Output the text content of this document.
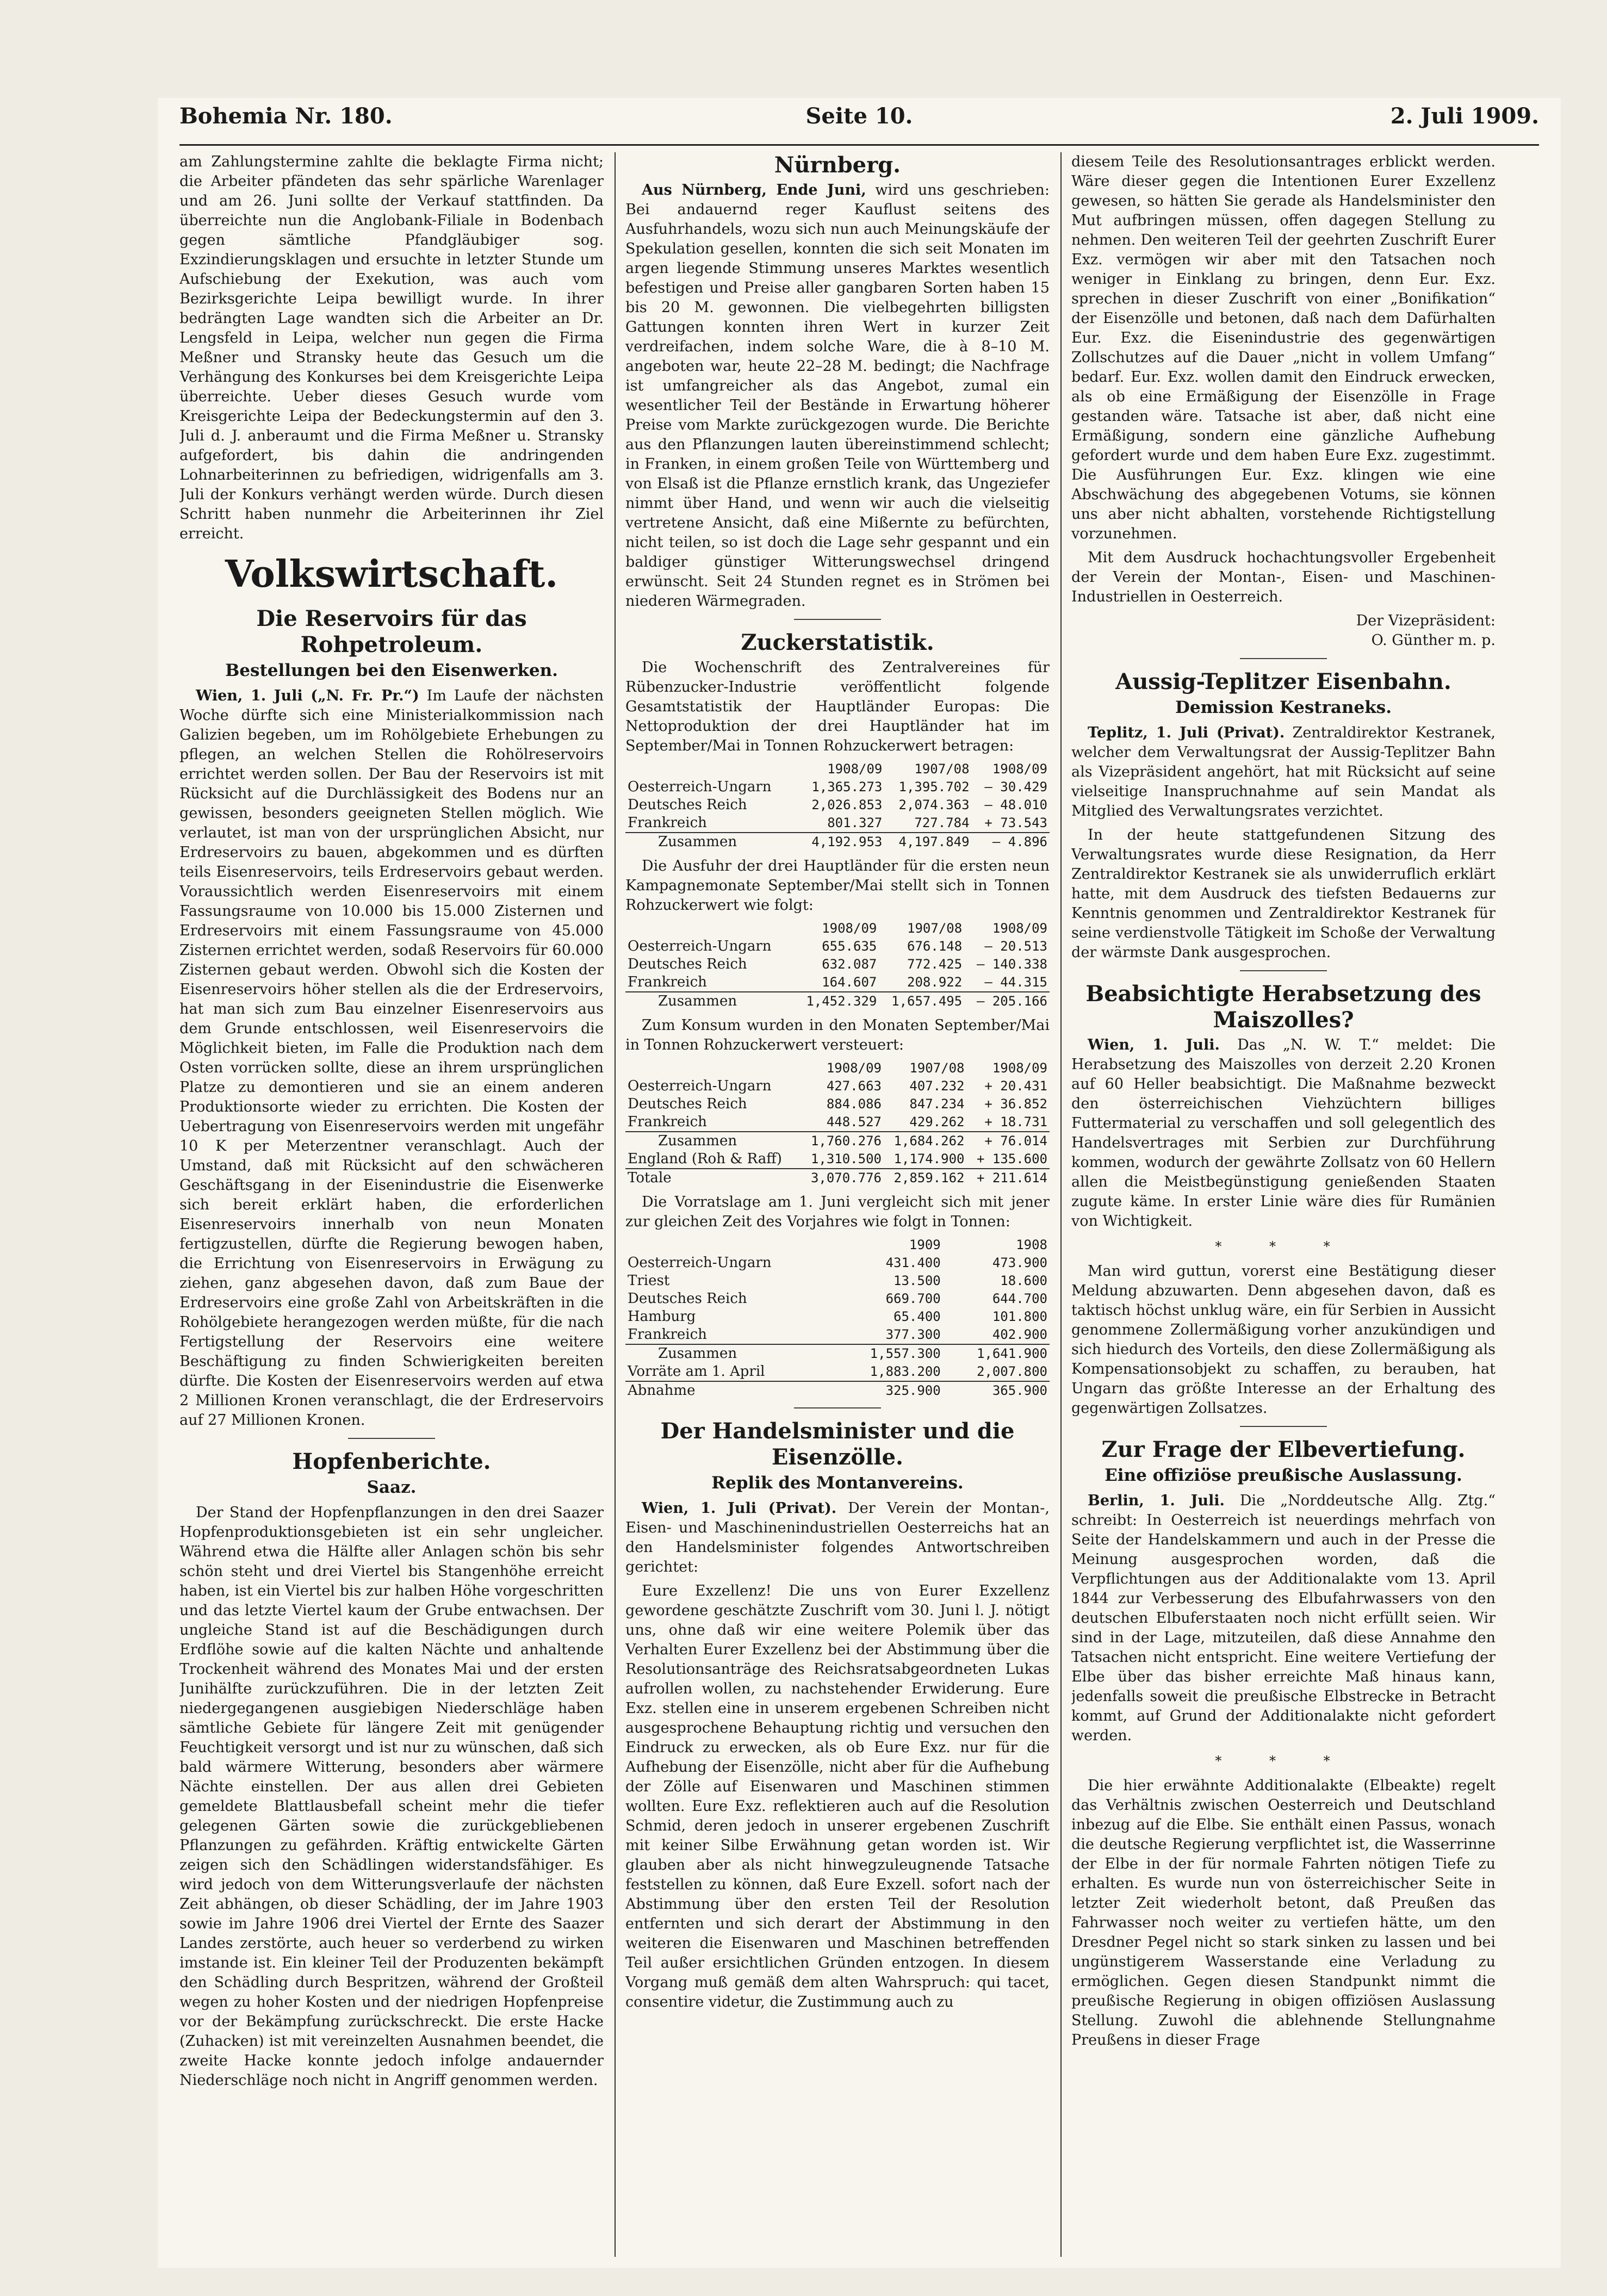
Bohemia Nr. 180.	Seite 10.	2. Juli 1909.

am Zahlungstermine zahlte die beklagte Firma nicht; die Arbeiter pfändeten das sehr spärliche Warenlager und am 26. Juni sollte der Verkauf stattfinden. Da überreichte nun die Anglobank-Filiale in Bodenbach gegen sämtliche Pfandgläubiger sog. Exzindierungsklagen und ersuchte in letzter Stunde um Aufschiebung der Exekution, was auch vom Bezirksgerichte Leipa bewilligt wurde. In ihrer bedrängten Lage wandten sich die Arbeiter an Dr. Lengsfeld in Leipa, welcher nun gegen die Firma Meßner und Stransky heute das Gesuch um die Verhängung des Konkurses bei dem Kreisgerichte Leipa überreichte. Ueber dieses Gesuch wurde vom Kreisgerichte Leipa der Bedeckungstermin auf den 3. Juli d. J. anberaumt und die Firma Meßner u. Stransky aufgefordert, bis dahin die andringenden Lohnarbeiterinnen zu befriedigen, widrigenfalls am 3. Juli der Konkurs verhängt werden würde. Durch diesen Schritt haben nunmehr die Arbeiterinnen ihr Ziel erreicht.

Volkswirtschaft.
Die Reservoirs für das Rohpetroleum.
Bestellungen bei den Eisenwerken.

Wien, 1. Juli („N. Fr. Pr.“) Im Laufe der nächsten Woche dürfte sich eine Ministerialkommission nach Galizien begeben, um im Rohölgebiete Erhebungen zu pflegen, an welchen Stellen die Rohölreservoirs errichtet werden sollen. Der Bau der Reservoirs ist mit Rücksicht auf die Durchlässigkeit des Bodens nur an gewissen, besonders geeigneten Stellen möglich. Wie verlautet, ist man von der ursprünglichen Absicht, nur Erdreservoirs zu bauen, abgekommen und es dürften teils Eisenreservoirs, teils Erdreservoirs gebaut werden. Voraussichtlich werden Eisenreservoirs mit einem Fassungsraume von 10.000 bis 15.000 Zisternen und Erdreservoirs mit einem Fassungsraume von 45.000 Zisternen errichtet werden, sodaß Reservoirs für 60.000 Zisternen gebaut werden. Obwohl sich die Kosten der Eisenreservoirs höher stellen als die der Erdreservoirs, hat man sich zum Bau einzelner Eisenreservoirs aus dem Grunde entschlossen, weil Eisenreservoirs die Möglichkeit bieten, im Falle die Produktion nach dem Osten vorrücken sollte, diese an ihrem ursprünglichen Platze zu demontieren und sie an einem anderen Produktionsorte wieder zu errichten. Die Kosten der Uebertragung von Eisenreservoirs werden mit ungefähr 10 K per Meterzentner veranschlagt. Auch der Umstand, daß mit Rücksicht auf den schwächeren Geschäftsgang in der Eisenindustrie die Eisenwerke sich bereit erklärt haben, die erforderlichen Eisenreservoirs innerhalb von neun Monaten fertigzustellen, dürfte die Regierung bewogen haben, die Errichtung von Eisenreservoirs in Erwägung zu ziehen, ganz abgesehen davon, daß zum Baue der Erdreservoirs eine große Zahl von Arbeitskräften in die Rohölgebiete herangezogen werden müßte, für die nach Fertigstellung der Reservoirs eine weitere Beschäftigung zu finden Schwierigkeiten bereiten dürfte. Die Kosten der Eisenreservoirs werden auf etwa 2 Millionen Kronen veranschlagt, die der Erdreservoirs auf 27 Millionen Kronen.

Hopfenberichte.
Saaz.

Der Stand der Hopfenpflanzungen in den drei Saazer Hopfenproduktionsgebieten ist ein sehr ungleicher. Während etwa die Hälfte aller Anlagen schön bis sehr schön steht und drei Viertel bis Stangenhöhe erreicht haben, ist ein Viertel bis zur halben Höhe vorgeschritten und das letzte Viertel kaum der Grube entwachsen. Der ungleiche Stand ist auf die Beschädigungen durch Erdflöhe sowie auf die kalten Nächte und anhaltende Trockenheit während des Monates Mai und der ersten Junihälfte zurückzuführen. Die in der letzten Zeit niedergegangenen ausgiebigen Niederschläge haben sämtliche Gebiete für längere Zeit mit genügender Feuchtigkeit versorgt und ist nur zu wünschen, daß sich bald wärmere Witterung, besonders aber wärmere Nächte einstellen. Der aus allen drei Gebieten gemeldete Blattlausbefall scheint mehr die tiefer gelegenen Gärten sowie die zurückgebliebenen Pflanzungen zu gefährden. Kräftig entwickelte Gärten zeigen sich den Schädlingen widerstandsfähiger. Es wird jedoch von dem Witterungsverlaufe der nächsten Zeit abhängen, ob dieser Schädling, der im Jahre 1903 sowie im Jahre 1906 drei Viertel der Ernte des Saazer Landes zerstörte, auch heuer so verderbend zu wirken imstande ist. Ein kleiner Teil der Produzenten bekämpft den Schädling durch Bespritzen, während der Großteil wegen zu hoher Kosten und der niedrigen Hopfenpreise vor der Bekämpfung zurückschreckt. Die erste Hacke (Zuhacken) ist mit vereinzelten Ausnahmen beendet, die zweite Hacke konnte jedoch infolge andauernder Niederschläge noch nicht in Angriff genommen werden.

Nürnberg.

Aus Nürnberg, Ende Juni, wird uns geschrieben: Bei andauernd reger Kauflust seitens des Ausfuhrhandels, wozu sich nun auch Meinungskäufe der Spekulation gesellen, konnten die sich seit Monaten im argen liegende Stimmung unseres Marktes wesentlich befestigen und Preise aller gangbaren Sorten haben 15 bis 20 M. gewonnen. Die vielbegehrten billigsten Gattungen konnten ihren Wert in kurzer Zeit verdreifachen, indem solche Ware, die à 8–10 M. angeboten war, heute 22–28 M. bedingt; die Nachfrage ist umfangreicher als das Angebot, zumal ein wesentlicher Teil der Bestände in Erwartung höherer Preise vom Markte zurückgezogen wurde. Die Berichte aus den Pflanzungen lauten übereinstimmend schlecht; in Franken, in einem großen Teile von Württemberg und von Elsaß ist die Pflanze ernstlich krank, das Ungeziefer nimmt über Hand, und wenn wir auch die vielseitig vertretene Ansicht, daß eine Mißernte zu befürchten, nicht teilen, so ist doch die Lage sehr gespannt und ein baldiger günstiger Witterungswechsel dringend erwünscht. Seit 24 Stunden regnet es in Strömen bei niederen Wärmegraden.

Zuckerstatistik.

Die Wochenschrift des Zentralvereines für Rübenzucker-Industrie veröffentlicht folgende Gesamtstatistik der Hauptländer Europas: Die Nettoproduktion der drei Hauptländer hat im September/Mai in Tonnen Rohzuckerwert betragen:

	1908/09	1907/08	1908/09
Oesterreich-Ungarn	1,365.273	1,395.702	— 30.429
Deutsches Reich	2,026.853	2,074.363	— 48.010
Frankreich	801.327	727.784	+ 73.543
Zusammen	4,192.953	4,197.849	— 4.896

Die Ausfuhr der drei Hauptländer für die ersten neun Kampagnemonate September/Mai stellt sich in Tonnen Rohzuckerwert wie folgt:

	1908/09	1907/08	1908/09
Oesterreich-Ungarn	655.635	676.148	— 20.513
Deutsches Reich	632.087	772.425	— 140.338
Frankreich	164.607	208.922	— 44.315
Zusammen	1,452.329	1,657.495	— 205.166

Zum Konsum wurden in den Monaten September/Mai in Tonnen Rohzuckerwert versteuert:

	1908/09	1907/08	1908/09
Oesterreich-Ungarn	427.663	407.232	+ 20.431
Deutsches Reich	884.086	847.234	+ 36.852
Frankreich	448.527	429.262	+ 18.731
Zusammen	1,760.276	1,684.262	+ 76.014
England (Roh & Raff)	1,310.500	1,174.900	+ 135.600
Totale	3,070.776	2,859.162	+ 211.614

Die Vorratslage am 1. Juni vergleicht sich mit jener zur gleichen Zeit des Vorjahres wie folgt in Tonnen:

	1909	1908
Oesterreich-Ungarn	431.400	473.900
Triest	13.500	18.600
Deutsches Reich	669.700	644.700
Hamburg	65.400	101.800
Frankreich	377.300	402.900
Zusammen	1,557.300	1,641.900
Vorräte am 1. April	1,883.200	2,007.800
Abnahme	325.900	365.900
Der Handelsminister und die Eisenzölle.
Replik des Montanvereins.

Wien, 1. Juli (Privat). Der Verein der Montan-, Eisen- und Maschinenindustriellen Oesterreichs hat an den Handelsminister folgendes Antwortschreiben gerichtet:

Eure Exzellenz! Die uns von Eurer Exzellenz gewordene geschätzte Zuschrift vom 30. Juni l. J. nötigt uns, ohne daß wir eine weitere Polemik über das Verhalten Eurer Exzellenz bei der Abstimmung über die Resolutionsanträge des Reichsratsabgeordneten Lukas aufrollen wollen, zu nachstehender Erwiderung. Eure Exz. stellen eine in unserem ergebenen Schreiben nicht ausgesprochene Behauptung richtig und versuchen den Eindruck zu erwecken, als ob Eure Exz. nur für die Aufhebung der Eisenzölle, nicht aber für die Aufhebung der Zölle auf Eisenwaren und Maschinen stimmen wollten. Eure Exz. reflektieren auch auf die Resolution Schmid, deren jedoch in unserer ergebenen Zuschrift mit keiner Silbe Erwähnung getan worden ist. Wir glauben aber als nicht hinwegzuleugnende Tatsache feststellen zu können, daß Eure Exzell. sofort nach der Abstimmung über den ersten Teil der Resolution entfernten und sich derart der Abstimmung in den weiteren die Eisenwaren und Maschinen betreffenden Teil außer ersichtlichen Gründen entzogen. In diesem Vorgang muß gemäß dem alten Wahrspruch: qui tacet, consentire videtur, die Zustimmung auch zu

diesem Teile des Resolutionsantrages erblickt werden. Wäre dieser gegen die Intentionen Eurer Exzellenz gewesen, so hätten Sie gerade als Handelsminister den Mut aufbringen müssen, offen dagegen Stellung zu nehmen. Den weiteren Teil der geehrten Zuschrift Eurer Exz. vermögen wir aber mit den Tatsachen noch weniger in Einklang zu bringen, denn Eur. Exz. sprechen in dieser Zuschrift von einer „Bonifikation“ der Eisenzölle und betonen, daß nach dem Dafürhalten Eur. Exz. die Eisenindustrie des gegenwärtigen Zollschutzes auf die Dauer „nicht in vollem Umfang“ bedarf. Eur. Exz. wollen damit den Eindruck erwecken, als ob eine Ermäßigung der Eisenzölle in Frage gestanden wäre. Tatsache ist aber, daß nicht eine Ermäßigung, sondern eine gänzliche Aufhebung gefordert wurde und dem haben Eure Exz. zugestimmt. Die Ausführungen Eur. Exz. klingen wie eine Abschwächung des abgegebenen Votums, sie können uns aber nicht abhalten, vorstehende Richtigstellung vorzunehmen.

Mit dem Ausdruck hochachtungsvoller Ergebenheit der Verein der Montan-, Eisen- und Maschinen-Industriellen in Oesterreich.

Der Vizepräsident:

O. Günther m. p.

Aussig-Teplitzer Eisenbahn.
Demission Kestraneks.

Teplitz, 1. Juli (Privat). Zentraldirektor Kestranek, welcher dem Verwaltungsrat der Aussig-Teplitzer Bahn als Vizepräsident angehört, hat mit Rücksicht auf seine vielseitige Inanspruchnahme auf sein Mandat als Mitglied des Verwaltungsrates verzichtet.

In der heute stattgefundenen Sitzung des Verwaltungsrates wurde diese Resignation, da Herr Zentraldirektor Kestranek sie als unwiderruflich erklärt hatte, mit dem Ausdruck des tiefsten Bedauerns zur Kenntnis genommen und Zentraldirektor Kestranek für seine verdienstvolle Tätigkeit im Schoße der Verwaltung der wärmste Dank ausgesprochen.

Beabsichtigte Herabsetzung des Maiszolles?

Wien, 1. Juli. Das „N. W. T.“ meldet: Die Herabsetzung des Maiszolles von derzeit 2.20 Kronen auf 60 Heller beabsichtigt. Die Maßnahme bezweckt den österreichischen Viehzüchtern billiges Futtermaterial zu verschaffen und soll gelegentlich des Handelsvertrages mit Serbien zur Durchführung kommen, wodurch der gewährte Zollsatz von 60 Hellern allen die Meistbegünstigung genießenden Staaten zugute käme. In erster Linie wäre dies für Rumänien von Wichtigkeit.

* * *

Man wird guttun, vorerst eine Bestätigung dieser Meldung abzuwarten. Denn abgesehen davon, daß es taktisch höchst unklug wäre, ein für Serbien in Aussicht genommene Zollermäßigung vorher anzukündigen und sich hiedurch des Vorteils, den diese Zollermäßigung als Kompensationsobjekt zu schaffen, zu berauben, hat Ungarn das größte Interesse an der Erhaltung des gegenwärtigen Zollsatzes.

Zur Frage der Elbevertiefung.
Eine offiziöse preußische Auslassung.

Berlin, 1. Juli. Die „Norddeutsche Allg. Ztg.“ schreibt: In Oesterreich ist neuerdings mehrfach von Seite der Handelskammern und auch in der Presse die Meinung ausgesprochen worden, daß die Verpflichtungen aus der Additionalakte vom 13. April 1844 zur Verbesserung des Elbufahrwassers von den deutschen Elbuferstaaten noch nicht erfüllt seien. Wir sind in der Lage, mitzuteilen, daß diese Annahme den Tatsachen nicht entspricht. Eine weitere Vertiefung der Elbe über das bisher erreichte Maß hinaus kann, jedenfalls soweit die preußische Elbstrecke in Betracht kommt, auf Grund der Additionalakte nicht gefordert werden.

* * *

Die hier erwähnte Additionalakte (Elbeakte) regelt das Verhältnis zwischen Oesterreich und Deutschland inbezug auf die Elbe. Sie enthält einen Passus, wonach die deutsche Regierung verpflichtet ist, die Wasserrinne der Elbe in der für normale Fahrten nötigen Tiefe zu erhalten. Es wurde nun von österreichischer Seite in letzter Zeit wiederholt betont, daß Preußen das Fahrwasser noch weiter zu vertiefen hätte, um den Dresdner Pegel nicht so stark sinken zu lassen und bei ungünstigerem Wasserstande eine Verladung zu ermöglichen. Gegen diesen Standpunkt nimmt die preußische Regierung in obigen offiziösen Auslassung Stellung. Zuwohl die ablehnende Stellungnahme Preußens in dieser Frage
